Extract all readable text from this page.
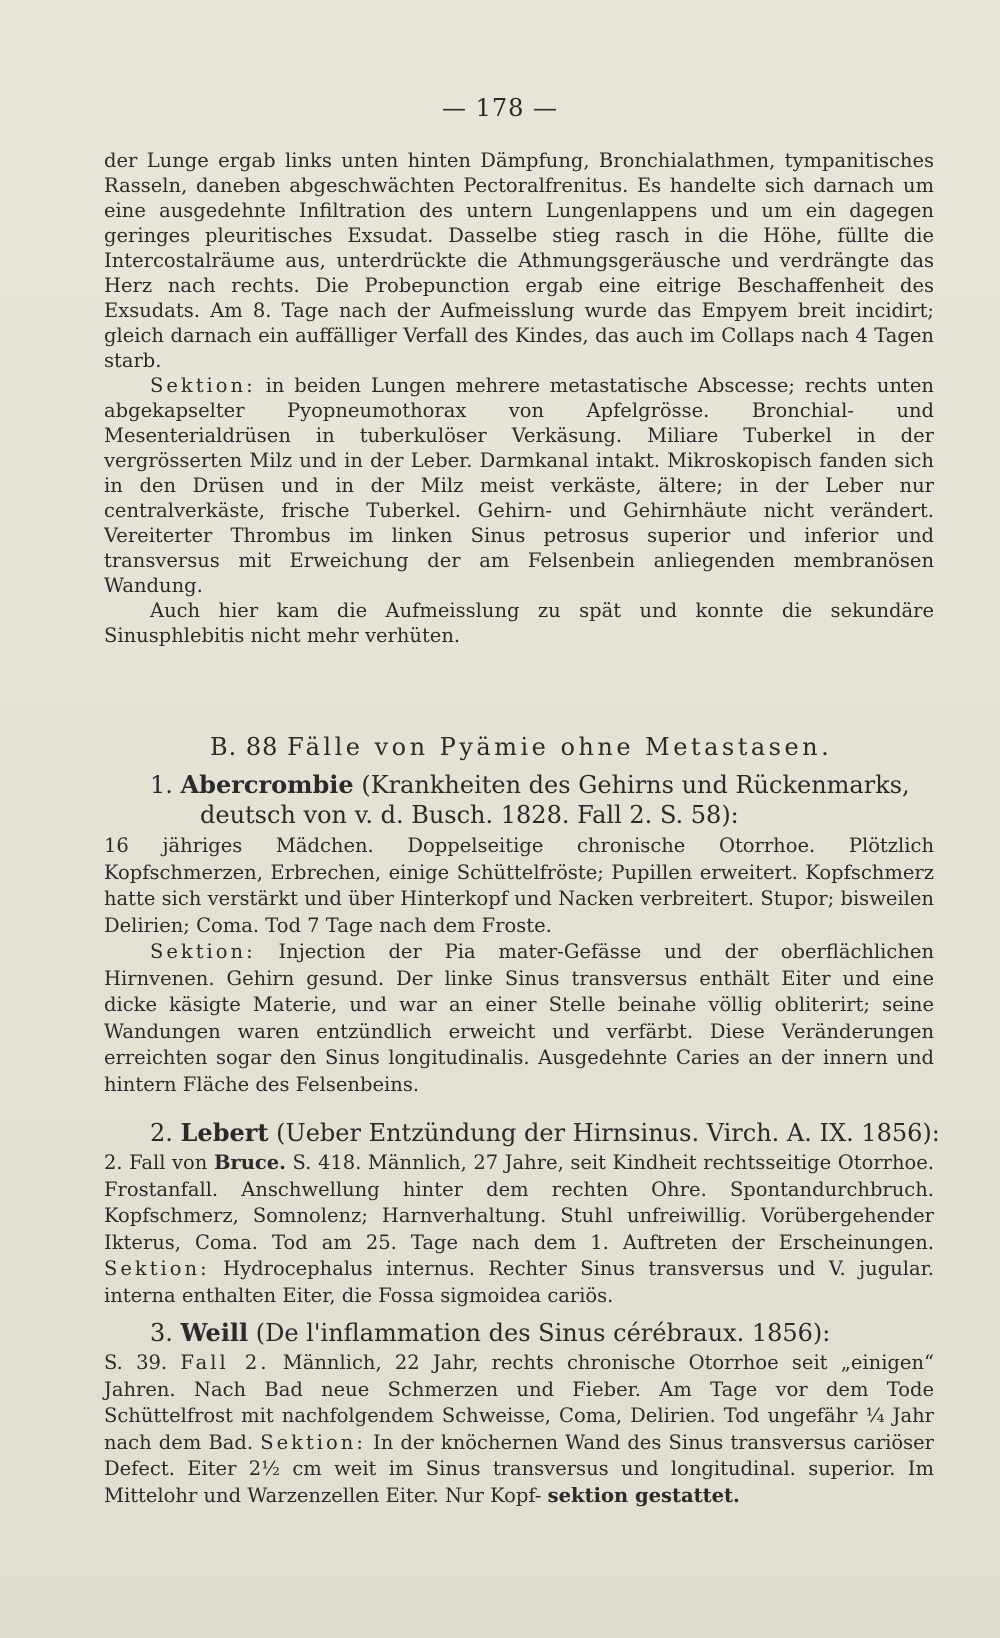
— 178 —

der Lunge ergab links unten hinten Dämpfung, Bronchialathmen, tympanitisches Rasseln, daneben abgeschwächten Pectoralfrenitus. Es handelte sich darnach um eine ausgedehnte Infiltration des untern Lungenlappens und um ein dagegen geringes pleuritisches Exsudat. Dasselbe stieg rasch in die Höhe, füllte die Intercostalräume aus, unterdrückte die Athmungsgeräusche und verdrängte das Herz nach rechts. Die Probepunction ergab eine eitrige Beschaffenheit des Exsudats. Am 8. Tage nach der Aufmeisslung wurde das Empyem breit incidirt; gleich darnach ein auffälliger Verfall des Kindes, das auch im Collaps nach 4 Tagen starb.

Sektion: in beiden Lungen mehrere metastatische Abscesse; rechts unten abgekapselter Pyopneumothorax von Apfelgrösse. Bronchial- und Mesenterialdrüsen in tuberkulöser Verkäsung. Miliare Tuberkel in der vergrösserten Milz und in der Leber. Darmkanal intakt. Mikroskopisch fanden sich in den Drüsen und in der Milz meist verkäste, ältere; in der Leber nur centralverkäste, frische Tuberkel. Gehirn- und Gehirnhäute nicht verändert. Vereiterter Thrombus im linken Sinus petrosus superior und inferior und transversus mit Erweichung der am Felsenbein anliegenden membranösen Wandung.

Auch hier kam die Aufmeisslung zu spät und konnte die sekundäre Sinusphlebitis nicht mehr verhüten.

B. 88 Fälle von Pyämie ohne Metastasen.
1. Abercrombie (Krankheiten des Gehirns und Rückenmarks,
deutsch von v. d. Busch. 1828. Fall 2. S. 58):

16 jähriges Mädchen. Doppelseitige chronische Otorrhoe. Plötzlich Kopfschmerzen, Erbrechen, einige Schüttelfröste; Pupillen erweitert. Kopfschmerz hatte sich verstärkt und über Hinterkopf und Nacken verbreitert. Stupor; bisweilen Delirien; Coma. Tod 7 Tage nach dem Froste.

Sektion: Injection der Pia mater-Gefässe und der oberflächlichen Hirnvenen. Gehirn gesund. Der linke Sinus transversus enthält Eiter und eine dicke käsigte Materie, und war an einer Stelle beinahe völlig obliterirt; seine Wandungen waren entzündlich erweicht und verfärbt. Diese Veränderungen erreichten sogar den Sinus longitudinalis. Ausgedehnte Caries an der innern und hintern Fläche des Felsenbeins.

2. Lebert (Ueber Entzündung der Hirnsinus. Virch. A. IX. 1856):

2. Fall von Bruce. S. 418. Männlich, 27 Jahre, seit Kindheit rechtsseitige Otorrhoe. Frostanfall. Anschwellung hinter dem rechten Ohre. Spontandurchbruch. Kopfschmerz, Somnolenz; Harnverhaltung. Stuhl unfreiwillig. Vorübergehender Ikterus, Coma. Tod am 25. Tage nach dem 1. Auftreten der Erscheinungen. Sektion: Hydrocephalus internus. Rechter Sinus transversus und V. jugular. interna enthalten Eiter, die Fossa sigmoidea cariös.

3. Weill (De l'inflammation des Sinus cérébraux. 1856):

S. 39. Fall 2. Männlich, 22 Jahr, rechts chronische Otorrhoe seit „einigen“ Jahren. Nach Bad neue Schmerzen und Fieber. Am Tage vor dem Tode Schüttelfrost mit nachfolgendem Schweisse, Coma, Delirien. Tod ungefähr ¼ Jahr nach dem Bad. Sektion: In der knöchernen Wand des Sinus transversus cariöser Defect. Eiter 2½ cm weit im Sinus transversus und longitudinal. superior. Im Mittelohr und Warzenzellen Eiter. Nur Kopf- sektion gestattet.
